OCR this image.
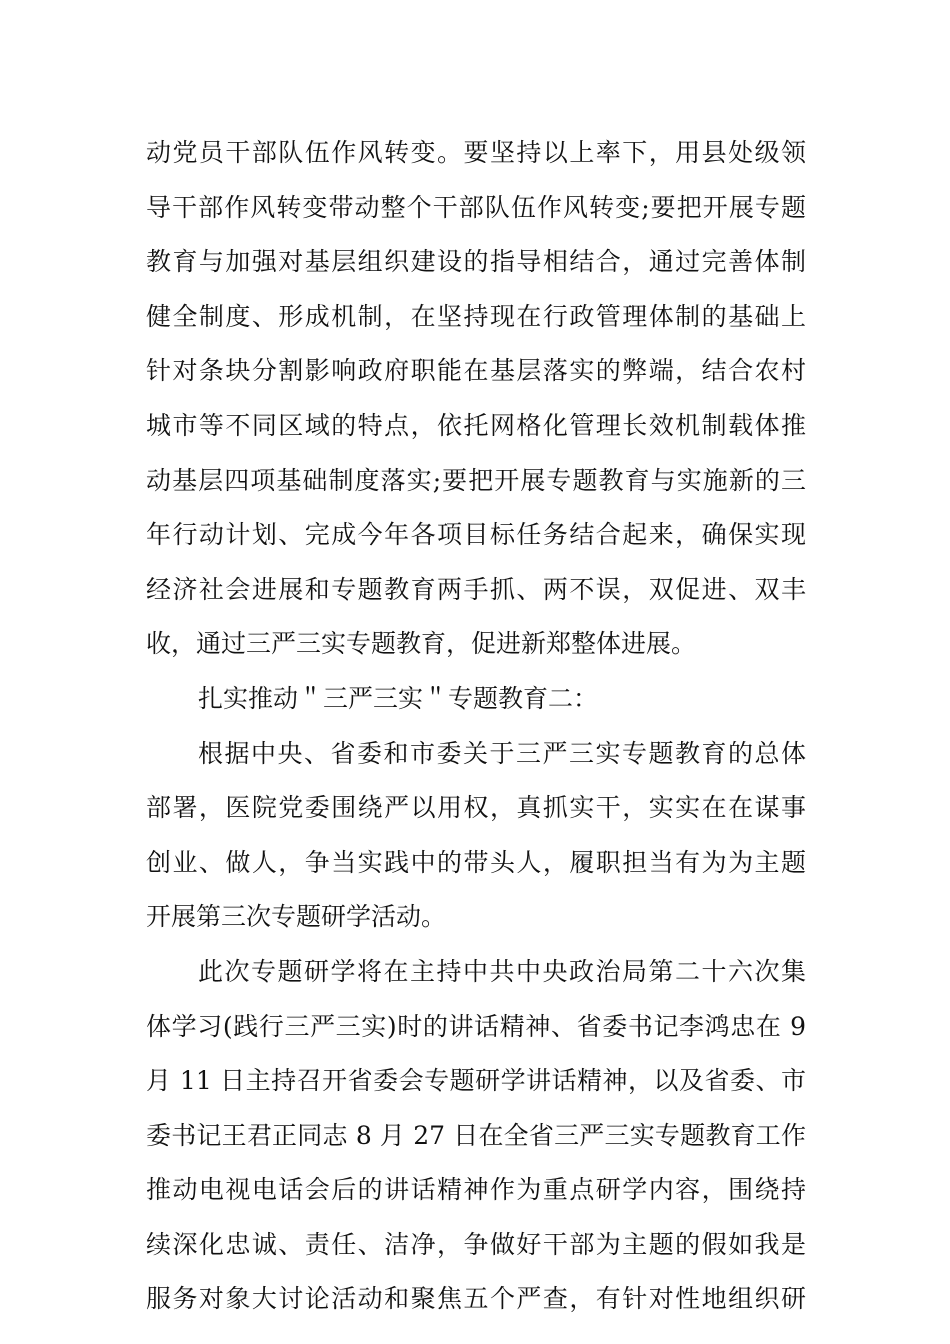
动党员干部队伍作风转变。要坚持以上率下，用县处级领
导干部作风转变带动整个干部队伍作风转变;要把开展专题
教育与加强对基层组织建设的指导相结合，通过完善体制
健全制度、形成机制，在坚持现在行政管理体制的基础上
针对条块分割影响政府职能在基层落实的弊端，结合农村
城市等不同区域的特点，依托网格化管理长效机制载体推
动基层四项基础制度落实;要把开展专题教育与实施新的三
年行动计划、完成今年各项目标任务结合起来，确保实现
经济社会进展和专题教育两手抓、两不误，双促进、双丰
收，通过三严三实专题教育，促进新郑整体进展。
扎实推动＂三严三实＂专题教育二：
根据中央、省委和市委关于三严三实专题教育的总体
部署，医院党委围绕严以用权，真抓实干，实实在在谋事
创业、做人，争当实践中的带头人，履职担当有为为主题
开展第三次专题研学活动。
此次专题研学将在主持中共中央政治局第二十六次集
体学习(践行三严三实)时的讲话精神、省委书记李鸿忠在 9
月 11 日主持召开省委会专题研学讲话精神，以及省委、市
委书记王君正同志 8 月 27 日在全省三严三实专题教育工作
推动电视电话会后的讲话精神作为重点研学内容，围绕持
续深化忠诚、责任、洁净，争做好干部为主题的假如我是
服务对象大讨论活动和聚焦五个严查，有针对性地组织研
